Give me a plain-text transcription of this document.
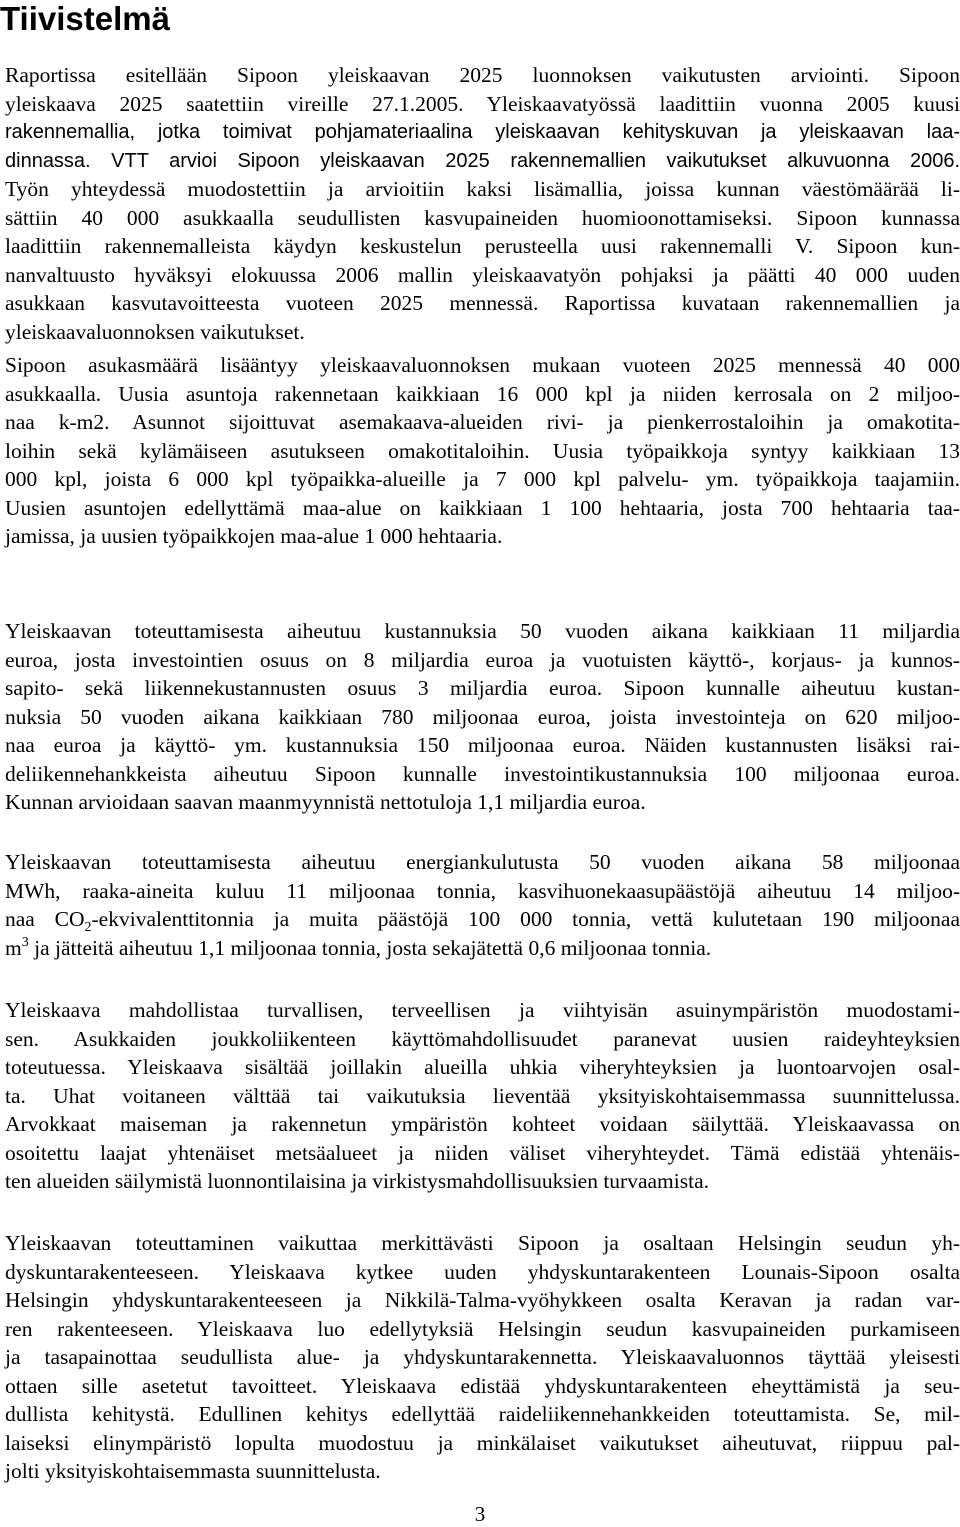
Tiivistelmä
Raportissa esitellään Sipoon yleiskaavan 2025 luonnoksen vaikutusten arviointi. Sipoon
yleiskaava 2025 saatettiin vireille 27.1.2005. Yleiskaavatyössä laadittiin vuonna 2005 kuusi
rakennemallia, jotka toimivat pohjamateriaalina yleiskaavan kehityskuvan ja yleiskaavan laa-
dinnassa. VTT arvioi Sipoon yleiskaavan 2025 rakennemallien vaikutukset alkuvuonna 2006.
Työn yhteydessä muodostettiin ja arvioitiin kaksi lisämallia, joissa kunnan väestömäärää li-
sättiin 40 000 asukkaalla seudullisten kasvupaineiden huomioonottamiseksi. Sipoon kunnassa
laadittiin rakennemalleista käydyn keskustelun perusteella uusi rakennemalli V. Sipoon kun-
nanvaltuusto hyväksyi elokuussa 2006 mallin yleiskaavatyön pohjaksi ja päätti 40 000 uuden
asukkaan kasvutavoitteesta vuoteen 2025 mennessä. Raportissa kuvataan rakennemallien ja
yleiskaavaluonnoksen vaikutukset.
Sipoon asukasmäärä lisääntyy yleiskaavaluonnoksen mukaan vuoteen 2025 mennessä 40 000
asukkaalla. Uusia asuntoja rakennetaan kaikkiaan 16 000 kpl ja niiden kerrosala on 2 miljoo-
naa k-m2. Asunnot sijoittuvat asemakaava-alueiden rivi- ja pienkerrostaloihin ja omakotita-
loihin sekä kylämäiseen asutukseen omakotitaloihin. Uusia työpaikkoja syntyy kaikkiaan 13
000 kpl, joista 6 000 kpl työpaikka-alueille ja 7 000 kpl palvelu- ym. työpaikkoja taajamiin.
Uusien asuntojen edellyttämä maa-alue on kaikkiaan 1 100 hehtaaria, josta 700 hehtaaria taa-
jamissa, ja uusien työpaikkojen maa-alue 1 000 hehtaaria.
Yleiskaavan toteuttamisesta aiheutuu kustannuksia 50 vuoden aikana kaikkiaan 11 miljardia
euroa, josta investointien osuus on 8 miljardia euroa ja vuotuisten käyttö-, korjaus- ja kunnos-
sapito- sekä liikennekustannusten osuus 3 miljardia euroa. Sipoon kunnalle aiheutuu kustan-
nuksia 50 vuoden aikana kaikkiaan 780 miljoonaa euroa, joista investointeja on 620 miljoo-
naa euroa ja käyttö- ym. kustannuksia 150 miljoonaa euroa. Näiden kustannusten lisäksi rai-
deliikennehankkeista aiheutuu Sipoon kunnalle investointikustannuksia 100 miljoonaa euroa.
Kunnan arvioidaan saavan maanmyynnistä nettotuloja 1,1 miljardia euroa.
Yleiskaavan toteuttamisesta aiheutuu energiankulutusta 50 vuoden aikana 58 miljoonaa
MWh, raaka-aineita kuluu 11 miljoonaa tonnia, kasvihuonekaasupäästöjä aiheutuu 14 miljoo-
naa $CO_2$-ekvivalenttitonnia ja muita päästöjä 100 000 tonnia, vettä kulutetaan 190 miljoonaa
$m^3$ ja jätteitä aiheutuu 1,1 miljoonaa tonnia, josta sekajätettä 0,6 miljoonaa tonnia.
Yleiskaava mahdollistaa turvallisen, terveellisen ja viihtyisän asuinympäristön muodostami-
sen. Asukkaiden joukkoliikenteen käyttömahdollisuudet paranevat uusien raideyhteyksien
toteutuessa. Yleiskaava sisältää joillakin alueilla uhkia viheryhteyksien ja luontoarvojen osal-
ta. Uhat voitaneen välttää tai vaikutuksia lieventää yksityiskohtaisemmassa suunnittelussa.
Arvokkaat maiseman ja rakennetun ympäristön kohteet voidaan säilyttää. Yleiskaavassa on
osoitettu laajat yhtenäiset metsäalueet ja niiden väliset viheryhteydet. Tämä edistää yhtenäis-
ten alueiden säilymistä luonnontilaisina ja virkistysmahdollisuuksien turvaamista.
Yleiskaavan toteuttaminen vaikuttaa merkittävästi Sipoon ja osaltaan Helsingin seudun yh-
dyskuntarakenteeseen. Yleiskaava kytkee uuden yhdyskuntarakenteen Lounais-Sipoon osalta
Helsingin yhdyskuntarakenteeseen ja Nikkilä-Talma-vyöhykkeen osalta Keravan ja radan var-
ren rakenteeseen. Yleiskaava luo edellytyksiä Helsingin seudun kasvupaineiden purkamiseen
ja tasapainottaa seudullista alue- ja yhdyskuntarakennetta. Yleiskaavaluonnos täyttää yleisesti
ottaen sille asetetut tavoitteet. Yleiskaava edistää yhdyskuntarakenteen eheyttämistä ja seu-
dullista kehitystä. Edullinen kehitys edellyttää raideliikennehankkeiden toteuttamista. Se, mil-
laiseksi elinympäristö lopulta muodostuu ja minkälaiset vaikutukset aiheutuvat, riippuu pal-
jolti yksityiskohtaisemmasta suunnittelusta.
3
